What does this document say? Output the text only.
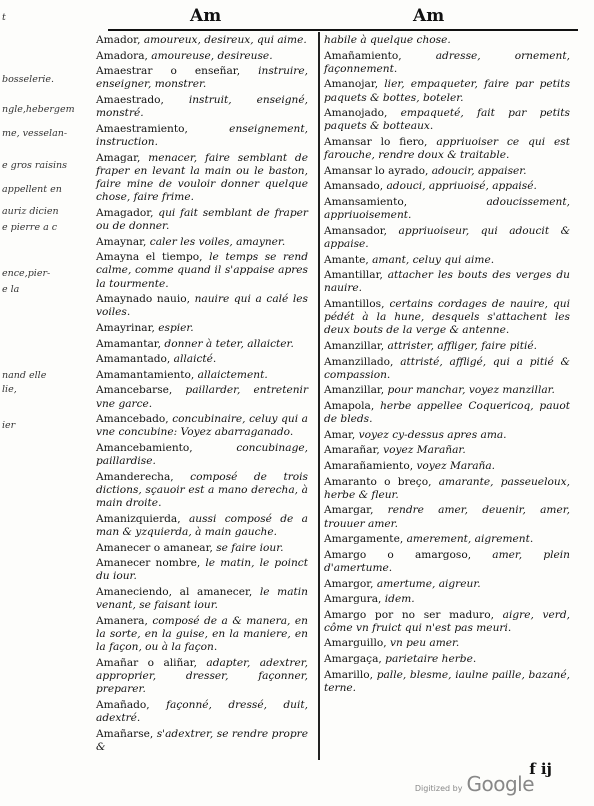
Am	Am
t
bosselerie.
ngle,hebergem
me, vesselan-
e gros raisins
appellent en
auriz dicien
e pierre a c
ence,pier-
e la
nand elle
lie,
ier
Amador, amoureux, desireux, qui aime.
Amadora, amoureuse, desireuse.
Amaestrar o enseñar, instruire, enseigner, monstrer.
Amaestrado, instruit, enseigné, monstré.
Amaestramiento, enseignement, instruction.
Amagar, menacer, faire semblant de fraper en levant la main ou le baston, faire mine de vouloir donner quelque chose, faire frime.
Amagador, qui fait semblant de fraper ou de donner.
Amaynar, caler les voiles, amayner.
Amayna el tiempo, le temps se rend calme, comme quand il s'appaise apres la tourmente.
Amaynado nauio, nauire qui a calé les voiles.
Amayrinar, espier.
Amamantar, donner à teter, allaicter.
Amamantado, allaicté.
Amamantamiento, allaictement.
Amancebarse, paillarder, entretenir vne garce.
Amancebado, concubinaire, celuy qui a vne concubine: Voyez abarraganado.
Amancebamiento, concubinage, paillardise.
Amanderecha, composé de trois dictions, sçauoir est a mano derecha, à main droite.
Amanizquierda, aussi composé de a man & yzquierda, à main gauche.
Amanecer o amanear, se faire iour.
Amanecer nombre, le matin, le poinct du iour.
Amaneciendo, al amanecer, le matin venant, se faisant iour.
Amanera, composé de a & manera, en la sorte, en la guise, en la maniere, en la façon, ou à la façon.
Amañar o aliñar, adapter, adextrer, approprier, dresser, façonner, preparer.
Amañado, façonné, dressé, duit, adextré.
Amañarse, s'adextrer, se rendre propre &
habile à quelque chose.
Amañamiento, adresse, ornement, façonnement.
Amanojar, lier, empaqueter, faire par petits paquets & bottes, boteler.
Amanojado, empaqueté, fait par petits paquets & botteaux.
Amansar lo fiero, appriuoiser ce qui est farouche, rendre doux & traitable.
Amansar lo ayrado, adoucir, appaiser.
Amansado, adouci, appriuoisé, appaisé.
Amansamiento, adoucissement, appriuoisement.
Amansador, appriuoiseur, qui adoucit & appaise.
Amante, amant, celuy qui aime.
Amantillar, attacher les bouts des verges du nauire.
Amantillos, certains cordages de nauire, qui pédét à la hune, desquels s'attachent les deux bouts de la verge & antenne.
Amanzillar, attrister, affliger, faire pitié.
Amanzillado, attristé, affligé, qui a pitié & compassion.
Amanzillar, pour manchar, voyez manzillar.
Amapola, herbe appellee Coquericoq, pauot de bleds.
Amar, voyez cy-dessus apres ama.
Amarañar, voyez Marañar.
Amarañamiento, voyez Maraña.
Amaranto o breço, amarante, passeueloux, herbe & fleur.
Amargar, rendre amer, deuenir, amer, trouuer amer.
Amargamente, amerement, aigrement.
Amargo o amargoso, amer, plein d'amertume.
Amargor, amertume, aigreur.
Amargura, idem.
Amargo por no ser maduro, aigre, verd, côme vn fruict qui n'est pas meuri.
Amarguillo, vn peu amer.
Amargaça, parietaire herbe.
Amarillo, palle, blesme, iaulne paille, bazané, terne.
f ij
Digitized by Google
